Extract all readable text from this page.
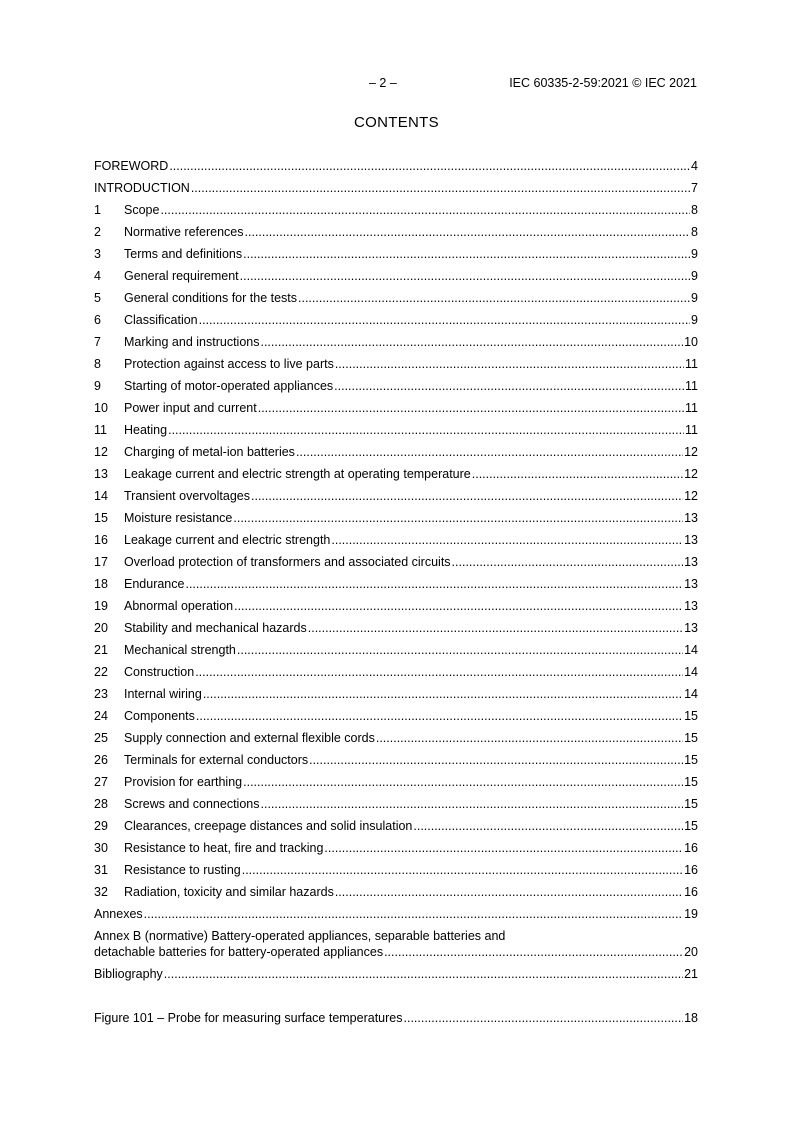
– 2 –	IEC 60335-2-59:2021 © IEC 2021
CONTENTS
FOREWORD .....	4
INTRODUCTION .....	7
1	Scope .....	8
2	Normative references .....	8
3	Terms and definitions .....	9
4	General requirement .....	9
5	General conditions for the tests .....	9
6	Classification .....	9
7	Marking and instructions .....	10
8	Protection against access to live parts .....	11
9	Starting of motor-operated appliances .....	11
10	Power input and current .....	11
11	Heating .....	11
12	Charging of metal-ion batteries .....	12
13	Leakage current and electric strength at operating temperature .....	12
14	Transient overvoltages .....	12
15	Moisture resistance .....	13
16	Leakage current and electric strength .....	13
17	Overload protection of transformers and associated circuits .....	13
18	Endurance .....	13
19	Abnormal operation .....	13
20	Stability and mechanical hazards .....	13
21	Mechanical strength .....	14
22	Construction .....	14
23	Internal wiring .....	14
24	Components .....	15
25	Supply connection and external flexible cords .....	15
26	Terminals for external conductors .....	15
27	Provision for earthing .....	15
28	Screws and connections .....	15
29	Clearances, creepage distances and solid insulation .....	15
30	Resistance to heat, fire and tracking .....	16
31	Resistance to rusting .....	16
32	Radiation, toxicity and similar hazards .....	16
Annexes .....	19
Annex B (normative) Battery-operated appliances, separable batteries and
detachable batteries for battery-operated appliances .....	20
Bibliography .....	21
Figure 101 – Probe for measuring surface temperatures .....	18
